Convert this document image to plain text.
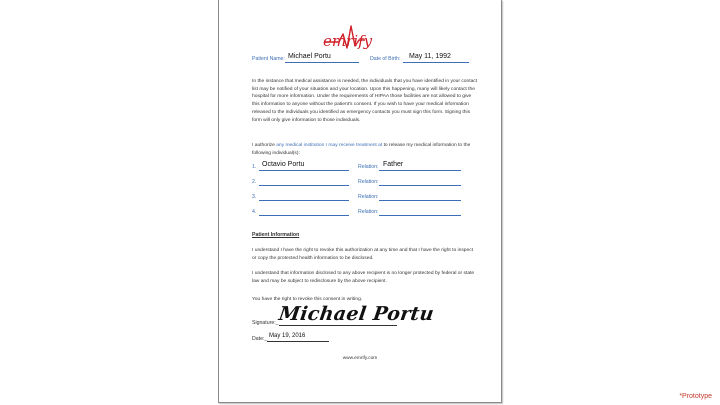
emrify
Patient Name: Michael Portu	Date of Birth: May 11, 1992
In the instance that medical assistance is needed, the individuals that you have identified in your contact list may be notified of your situation and your location. Upon this happening, many will likely contact the hospital for more information. Under the requirements of HIPAA those facilities are not allowed to give this information to anyone without the patient's consent. If you wish to have your medical information released to the individuals you identified as emergency contacts you must sign this form. Signing this form will only give information to those individuals.
I authorize any medical institution I may receive treatment at to release my medical information to the following individual(s):
1. Octavio Portu	Relation: Father
2.	Relation:
3.	Relation:
4.	Relation:
Patient Information
I understand I have the right to revoke this authorization at any time and that I have the right to inspect or copy the protected health information to be disclosed.
I understand that information disclosed to any above recipient is no longer protected by federal or state law and may be subject to redisclosure by the above recipient.
You have the right to revoke this consent in writing.
Signature:_
Michael Portu
Date:_ May 19, 2016
www.emrify.com
*Prototype
